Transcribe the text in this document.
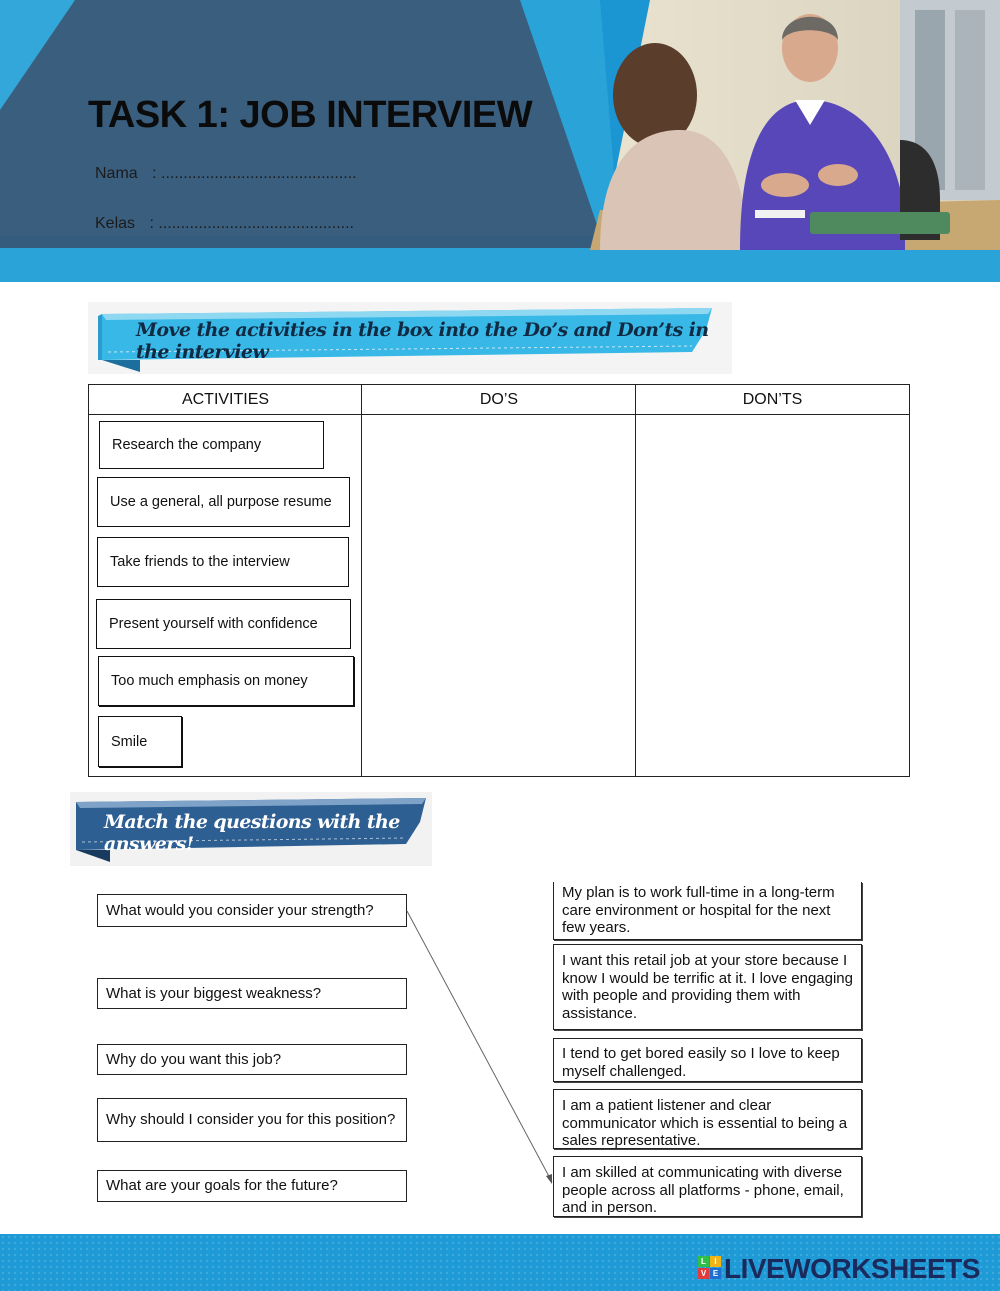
TASK 1: JOB INTERVIEW
Nama : ............................................
Kelas : ............................................
Move the activities in the box into the Do’s and Don’ts in the interview
ACTIVITIES	DO’S	DON’TS
Research the company
Use a general, all purpose resume
Take friends to the interview
Present yourself with confidence
Too much emphasis on money
Smile
Match the questions with the answers!
What would you consider your strength?
What is your biggest weakness?
Why do you want this job?
Why should I consider you for this position?
What are your goals for the future?
My plan is to work full-time in a long-term care environment or hospital for the next few years.
I want this retail job at your store because I know I would be terrific at it. I love engaging with people and providing them with assistance.
I tend to get bored easily so I love to keep myself challenged.
I am a patient listener and clear communicator which is essential to being a sales representative.
I am skilled at communicating with diverse people across all platforms - phone, email, and in person.
L	I
V E LIVEWORKSHEETS
